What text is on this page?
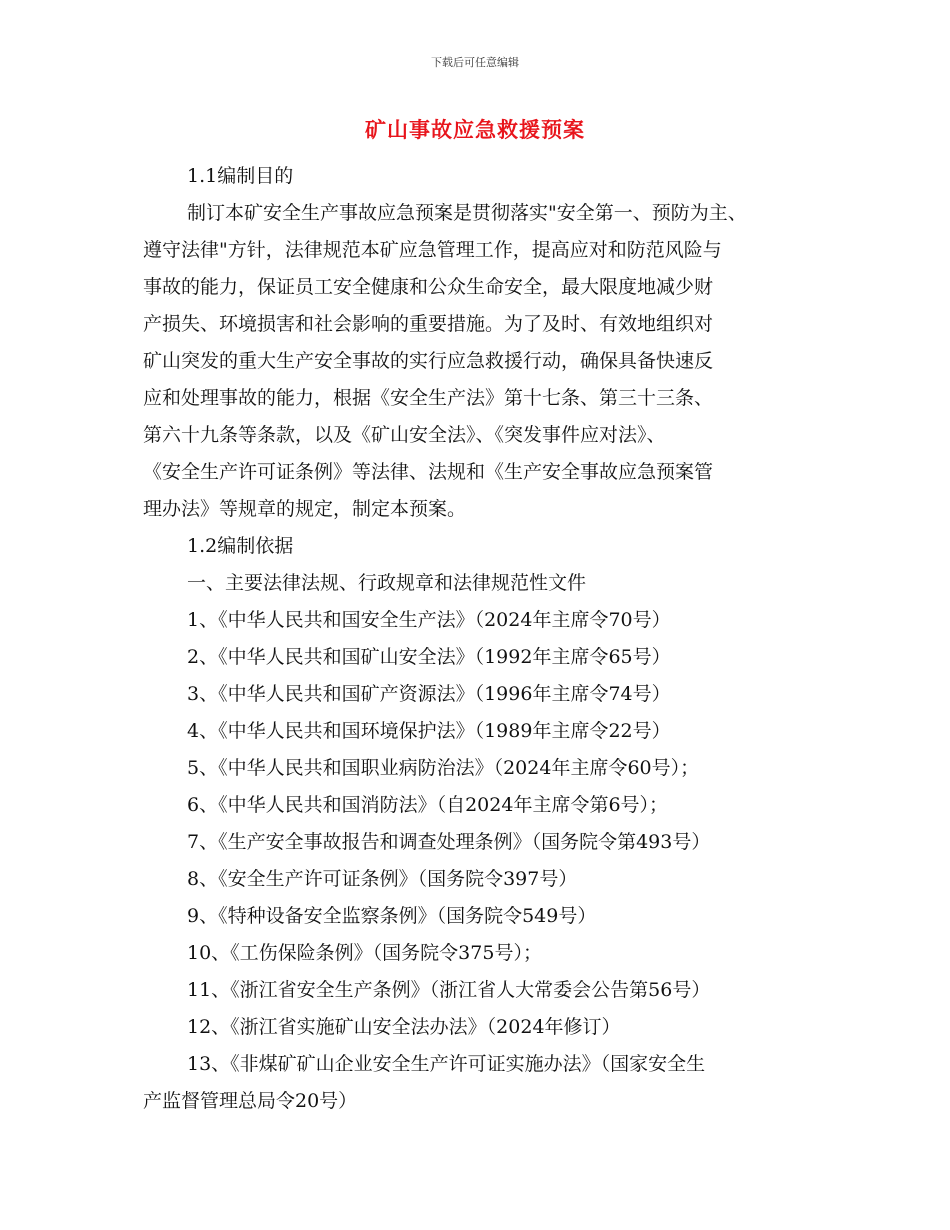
下载后可任意编辑
矿山事故应急救援预案
1.1编制目的
制订本矿安全生产事故应急预案是贯彻落实"安全第一、预防为主、
遵守法律"方针，法律规范本矿应急管理工作，提高应对和防范风险与
事故的能力，保证员工安全健康和公众生命安全，最大限度地减少财
产损失、环境损害和社会影响的重要措施。为了及时、有效地组织对
矿山突发的重大生产安全事故的实行应急救援行动，确保具备快速反
应和处理事故的能力，根据《安全生产法》第十七条、第三十三条、
第六十九条等条款，以及《矿山安全法》、《突发事件应对法》、
《安全生产许可证条例》等法律、法规和《生产安全事故应急预案管
理办法》等规章的规定，制定本预案。
1.2编制依据
一、主要法律法规、行政规章和法律规范性文件
1、《中华人民共和国安全生产法》（2024年主席令70号）
2、《中华人民共和国矿山安全法》（1992年主席令65号）
3、《中华人民共和国矿产资源法》（1996年主席令74号）
4、《中华人民共和国环境保护法》（1989年主席令22号）
5、《中华人民共和国职业病防治法》（2024年主席令60号）；
6、《中华人民共和国消防法》（自2024年主席令第6号）；
7、《生产安全事故报告和调查处理条例》（国务院令第493号）
8、《安全生产许可证条例》（国务院令397号）
9、《特种设备安全监察条例》（国务院令549号）
10、《工伤保险条例》（国务院令375号）；
11、《浙江省安全生产条例》（浙江省人大常委会公告第56号）
12、《浙江省实施矿山安全法办法》（2024年修订）
13、《非煤矿矿山企业安全生产许可证实施办法》（国家安全生
产监督管理总局令20号）
